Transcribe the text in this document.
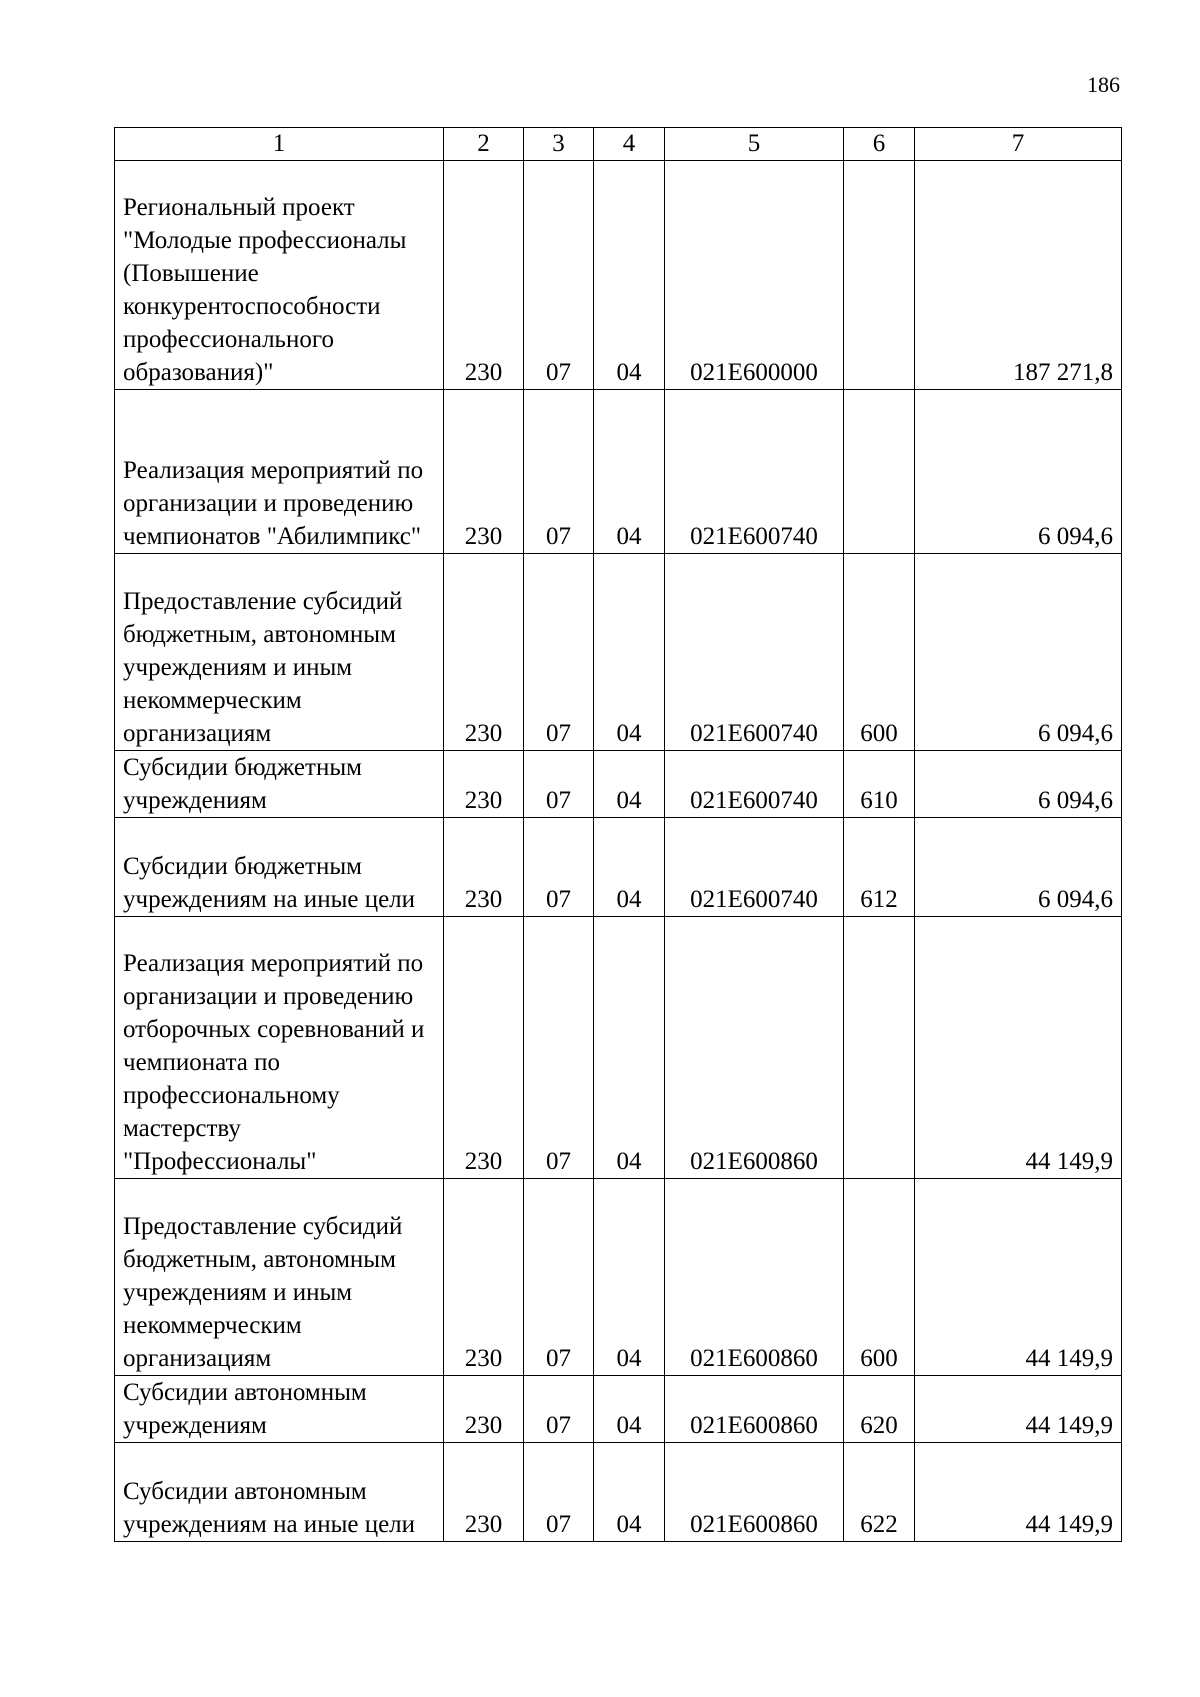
186
1	2	3	4	5	6	7
Региональный проект "Молодые профессионалы (Повышение конкурентоспособности профессионального образования)"	230	07	04	021E600000		187 271,8
Реализация мероприятий по организации и проведению чемпионатов "Абилимпикс"	230	07	04	021E600740		6 094,6
Предоставление субсидий бюджетным, автономным учреждениям и иным некоммерческим организациям	230	07	04	021E600740	600	6 094,6
Субсидии бюджетным учреждениям	230	07	04	021E600740	610	6 094,6
Субсидии бюджетным учреждениям на иные цели	230	07	04	021E600740	612	6 094,6
Реализация мероприятий по организации и проведению отборочных соревнований и чемпионата по профессиональному мастерству "Профессионалы"	230	07	04	021E600860		44 149,9
Предоставление субсидий бюджетным, автономным учреждениям и иным некоммерческим организациям	230	07	04	021E600860	600	44 149,9
Субсидии автономным учреждениям	230	07	04	021E600860	620	44 149,9
Субсидии автономным учреждениям на иные цели	230	07	04	021E600860	622	44 149,9
